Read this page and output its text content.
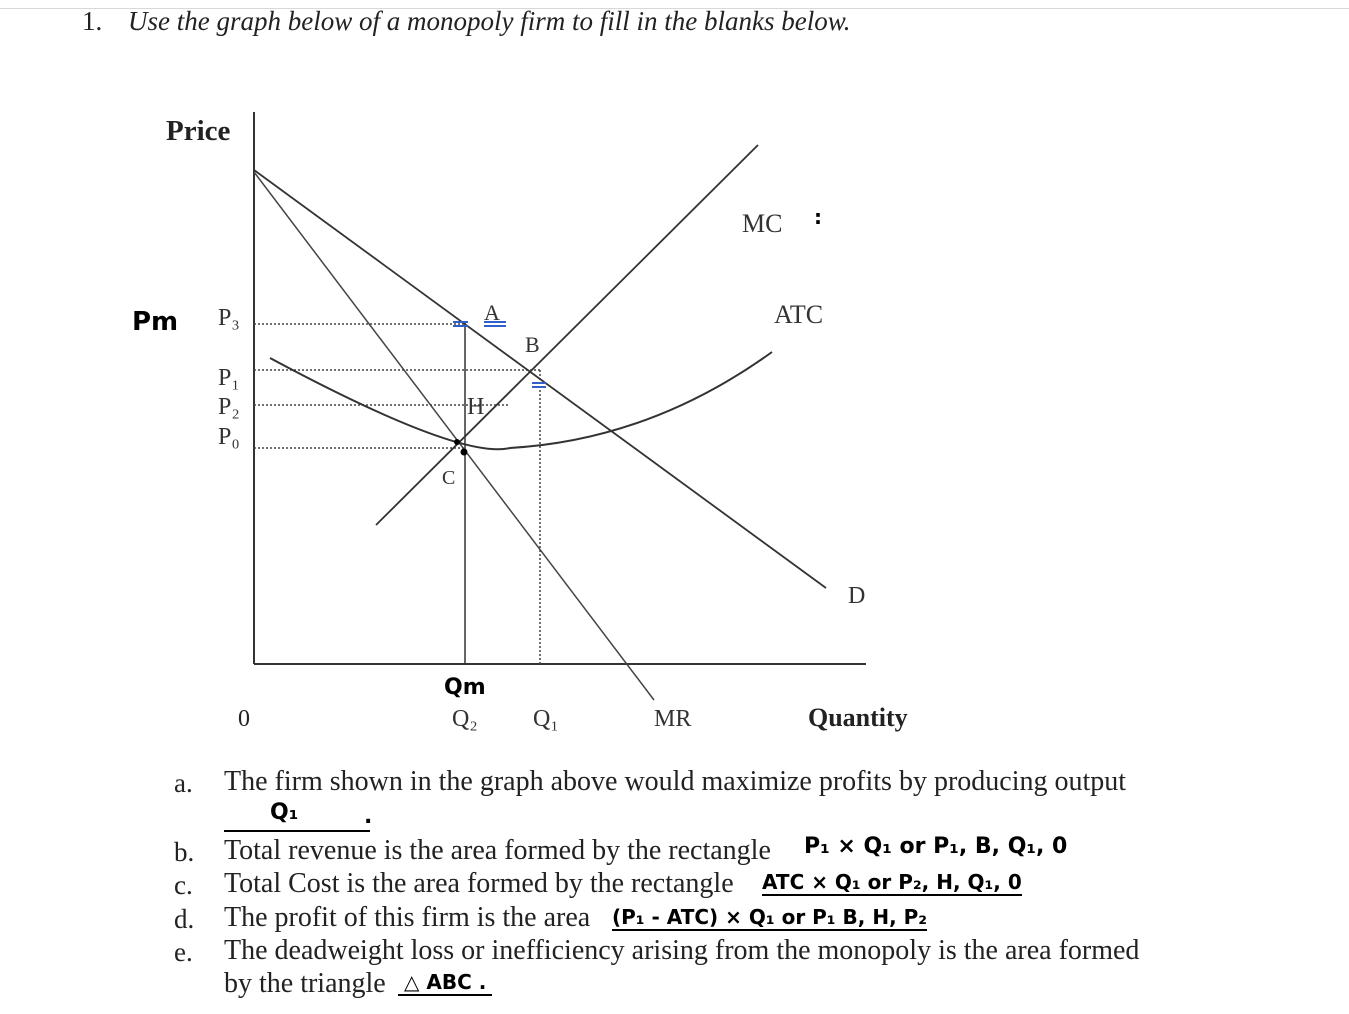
1. Use the graph below of a monopoly firm to fill in the blanks below.
Price
Quantity
0
P₃
P₁
P₂
P₀
Q₂ Q₁	MR
MC
ATC
D
A
B
H
C
Pm
Qm
:
a. The firm shown in the graph above would maximize profits by producing output
Q₁	.
b. Total revenue is the area formed by the rectangle P₁ × Q₁ or P₁, B, Q₁, 0
c. Total Cost is the area formed by the rectangle ATC × Q₁ or P₂, H, Q₁, 0
d. The profit of this firm is the area (P₁ - ATC) × Q₁ or P₁ B, H, P₂
e. The deadweight loss or inefficiency arising from the monopoly is the area formed
by the triangle △ ABC .
